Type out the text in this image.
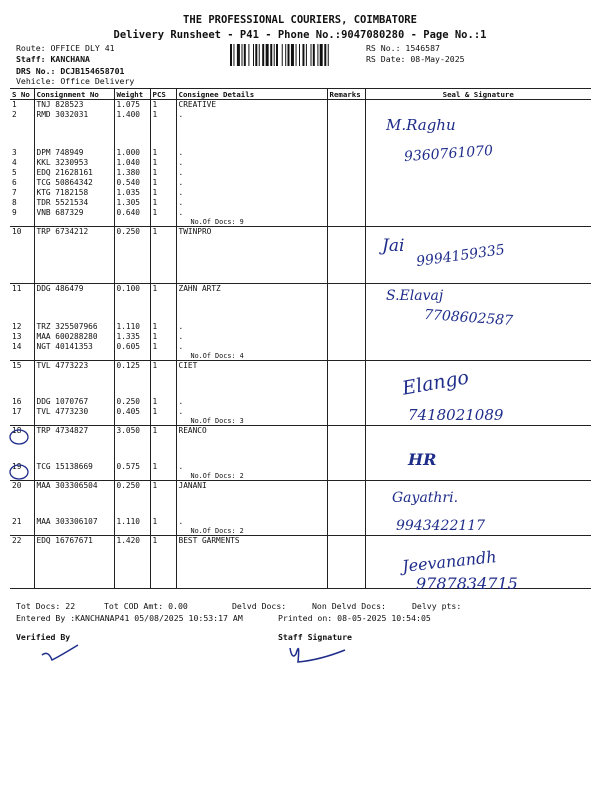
THE PROFESSIONAL COURIERS, COIMBATORE
Delivery Runsheet - P41 - Phone No.:9047080280 - Page No.:1
Route: OFFICE DLY 41
Staff: KANCHANA
DRS No.: DCJB154658701
Vehicle: Office Delivery
RS No.: 1546587
RS Date: 08-May-2025
S No	Consignment No	Weight	PCS	Consignee Details	Remarks	Seal & Signature
1	TNJ 828523	1.075	1	CREATIVE		
2	RMD 3032031	1.400	1	.		
3	DPM 748949	1.000	1	.		
4	KKL 3230953	1.040	1	.		
5	EDQ 21628161	1.380	1	.		
6	TCG 50864342	0.540	1	.		
7	KTG 7182158	1.035	1	.		
8	TDR 5521534	1.305	1	.		
9	VNB 687329	0.640	1	.		
				No.Of Docs: 9		
10	TRP 6734212	0.250	1	TWINPRO		

11	DDG 486479	0.100	1	ZAHN ARTZ		
12	TRZ 325507966	1.110	1	.		
13	MAA 600288280	1.335	1	.		
14	NGT 40141353	0.605	1	.		
				No.Of Docs: 4		
15	TVL 4773223	0.125	1	CIET		
16	DDG 1070767	0.250	1	.		
17	TVL 4773230	0.405	1	.		
				No.Of Docs: 3		
18	TRP 4734827	3.050	1	REANCO		
19	TCG 15138669	0.575	1	.		
				No.Of Docs: 2		
20	MAA 303306504	0.250	1	JANANI		
21	MAA 303306107	1.110	1	.		
				No.Of Docs: 2		
22	EDQ 16767671	1.420	1	BEST GARMENTS		

M.Raghu
9360761070
Jai 9994159335
S.Elavaj
7708602587
Elango
7418021089
HR
Gayathri.
9943422117
Jeevanandh
9787834715
Tot Docs: 22	Tot COD Amt: 0.00	Delvd Docs:	Non Delvd Docs:	Delvy pts:
Entered By :KANCHANAP41 05/08/2025 10:53:17 AM	Printed on: 08-05-2025 10:54:05
Verified By	Staff Signature
